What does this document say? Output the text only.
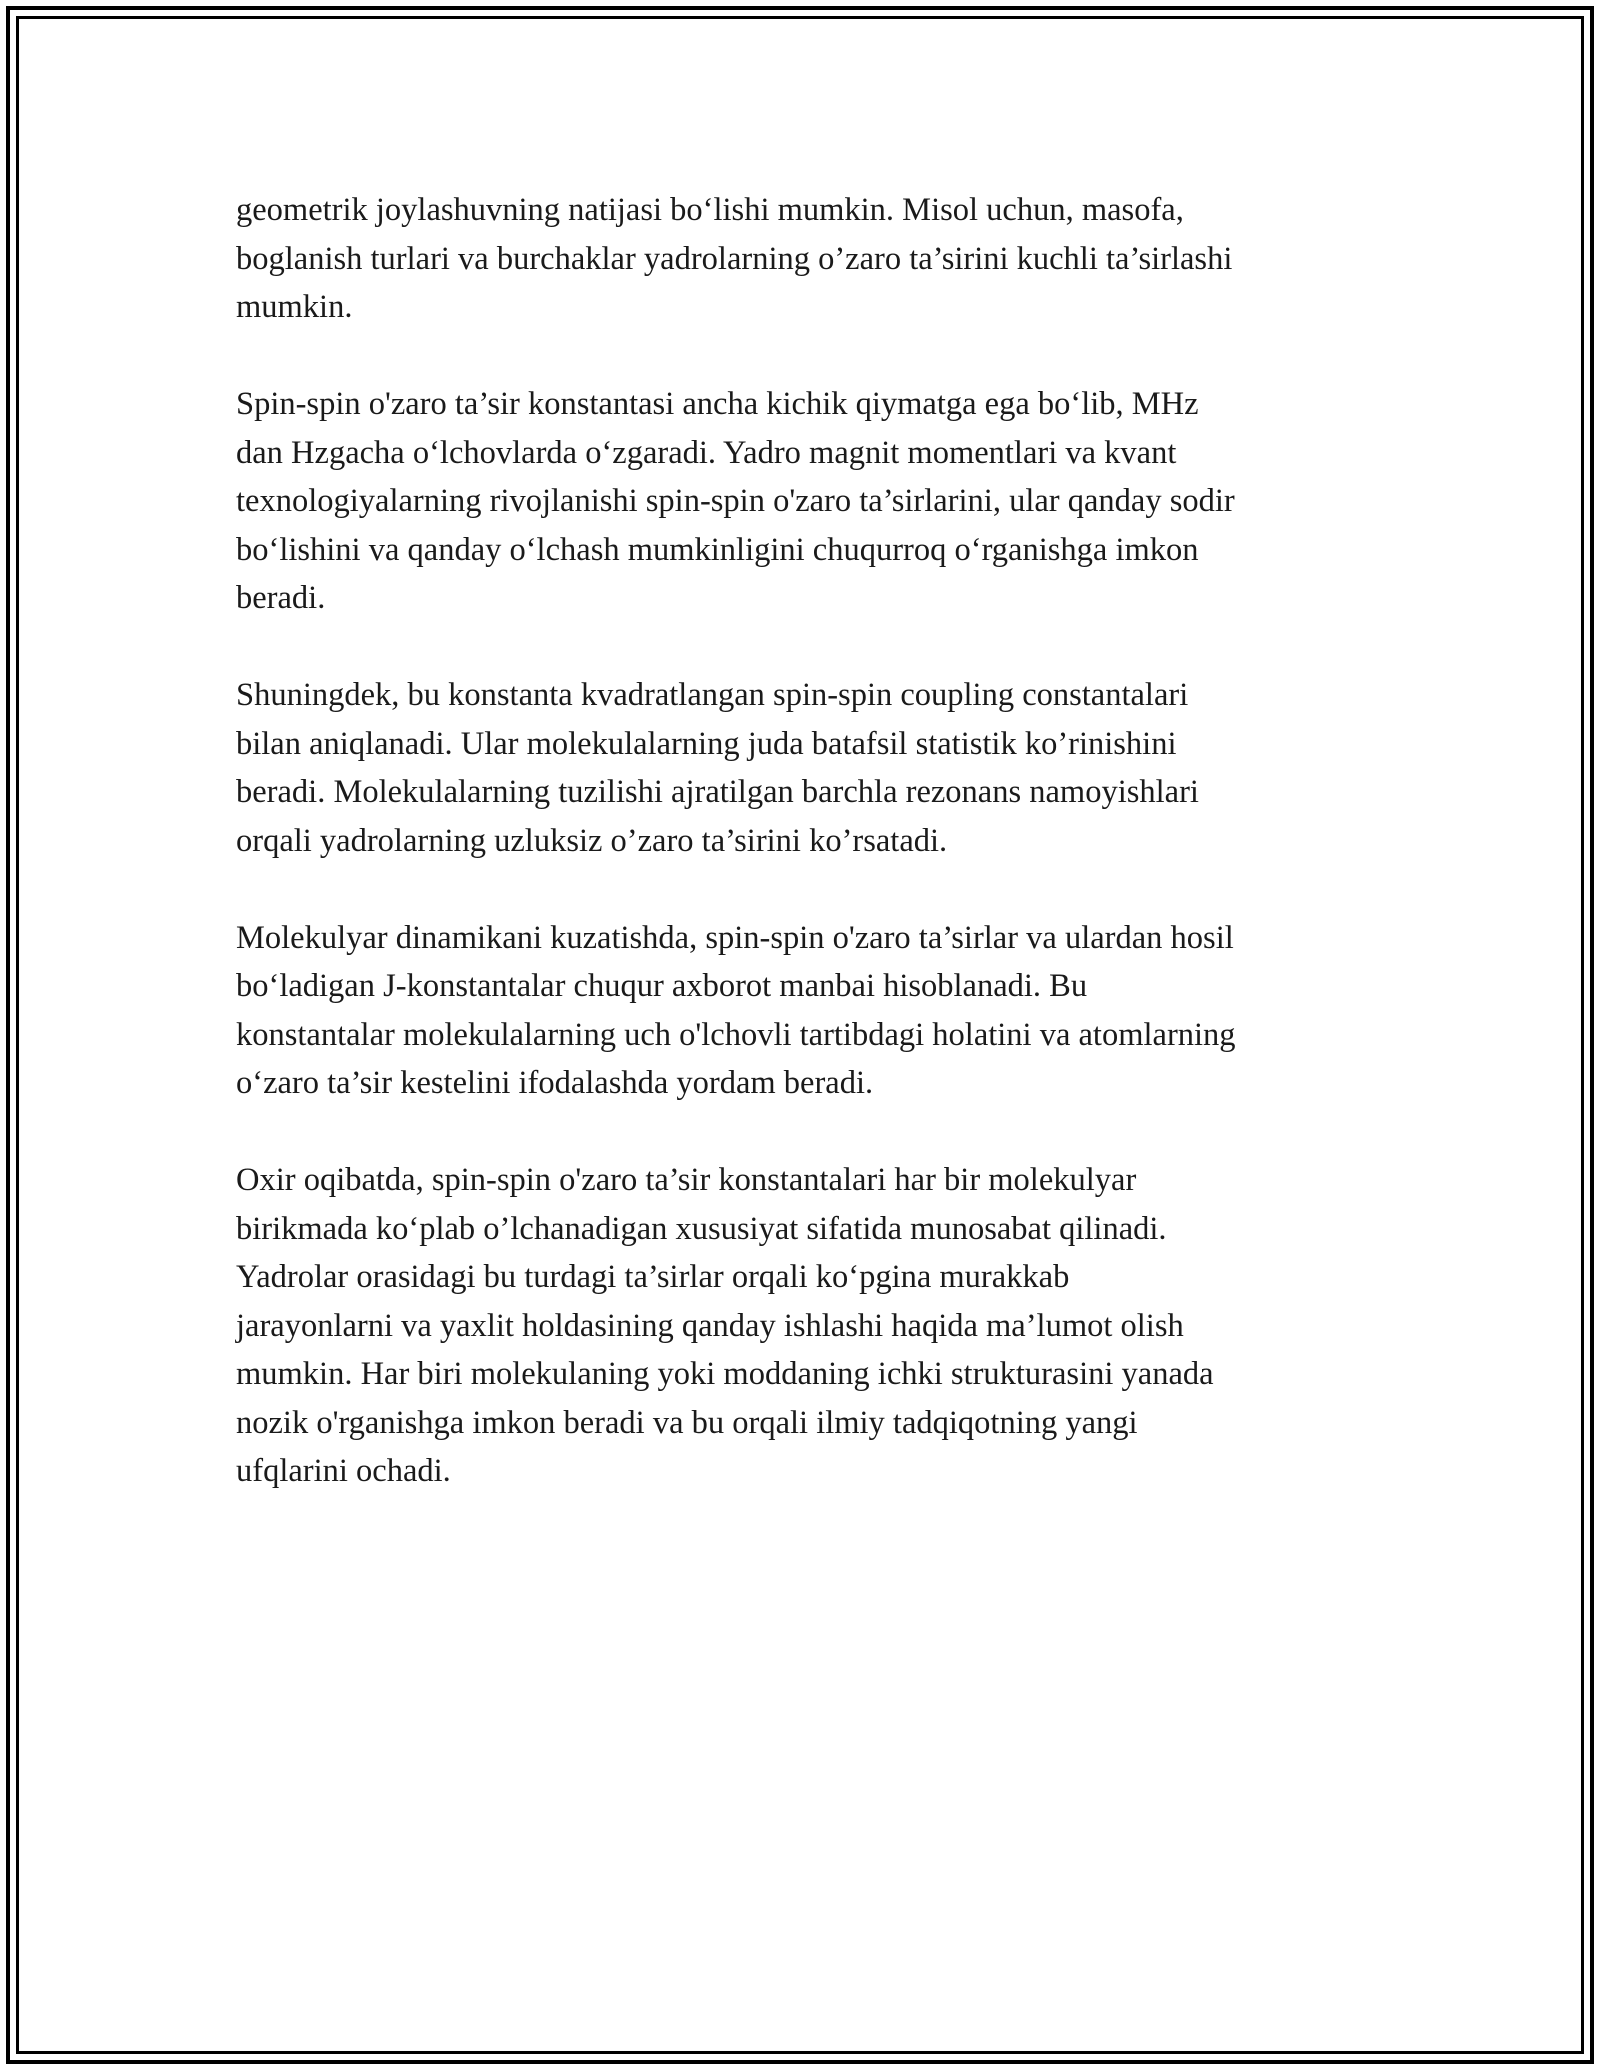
geometrik joylashuvning natijasi bo‘lishi mumkin. Misol uchun, masofa,
boglanish turlari va burchaklar yadrolarning o’zaro ta’sirini kuchli ta’sirlashi
mumkin.

Spin-spin o'zaro ta’sir konstantasi ancha kichik qiymatga ega bo‘lib, MHz
dan Hzgacha o‘lchovlarda o‘zgaradi. Yadro magnit momentlari va kvant
texnologiyalarning rivojlanishi spin-spin o'zaro ta’sirlarini, ular qanday sodir
bo‘lishini va qanday o‘lchash mumkinligini chuqurroq o‘rganishga imkon
beradi.

Shuningdek, bu konstanta kvadratlangan spin-spin coupling constantalari
bilan aniqlanadi. Ular molekulalarning juda batafsil statistik ko’rinishini
beradi. Molekulalarning tuzilishi ajratilgan barchla rezonans namoyishlari
orqali yadrolarning uzluksiz o’zaro ta’sirini ko’rsatadi.

Molekulyar dinamikani kuzatishda, spin-spin o'zaro ta’sirlar va ulardan hosil
bo‘ladigan J-konstantalar chuqur axborot manbai hisoblanadi. Bu
konstantalar molekulalarning uch o'lchovli tartibdagi holatini va atomlarning
o‘zaro ta’sir kestelini ifodalashda yordam beradi.

Oxir oqibatda, spin-spin o'zaro ta’sir konstantalari har bir molekulyar
birikmada ko‘plab o’lchanadigan xususiyat sifatida munosabat qilinadi.
Yadrolar orasidagi bu turdagi ta’sirlar orqali ko‘pgina murakkab
jarayonlarni va yaxlit holdasining qanday ishlashi haqida ma’lumot olish
mumkin. Har biri molekulaning yoki moddaning ichki strukturasini yanada
nozik o'rganishga imkon beradi va bu orqali ilmiy tadqiqotning yangi
ufqlarini ochadi.
